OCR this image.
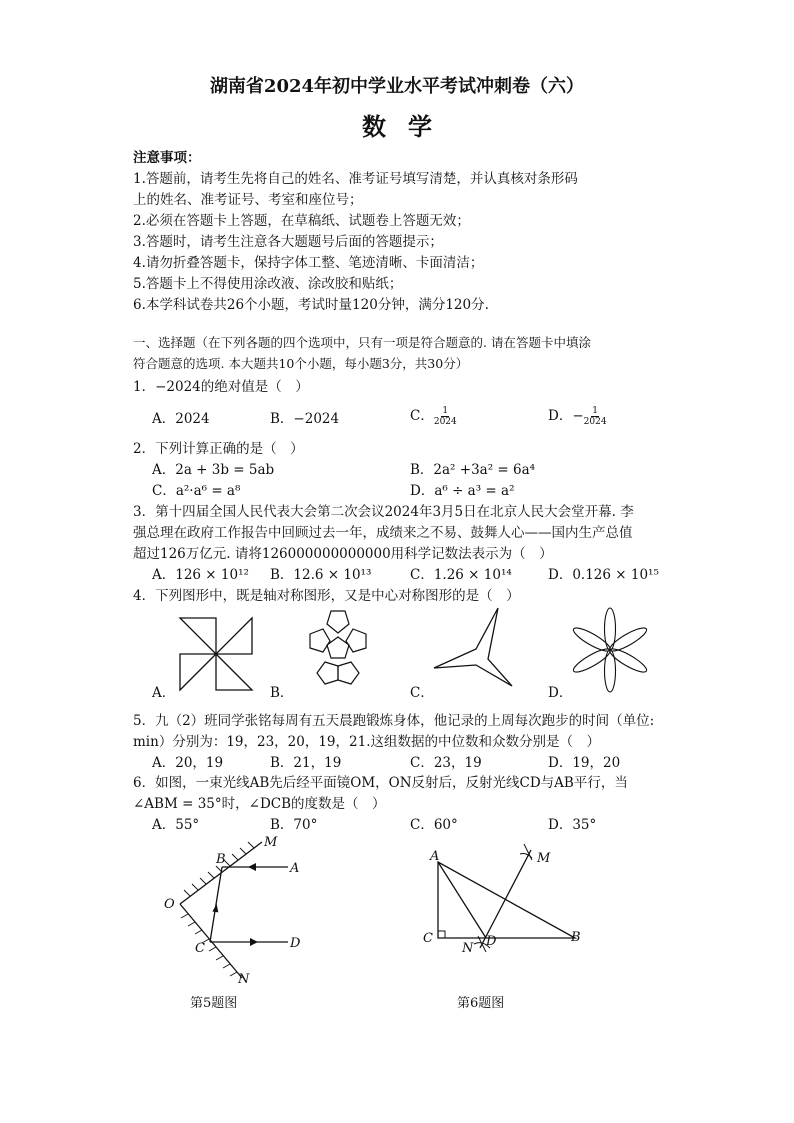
湖南省2024年初中学业水平考试冲刺卷（六）
数学
注意事项：
1.答题前，请考生先将自己的姓名、准考证号填写清楚，并认真核对条形码
上的姓名、准考证号、考室和座位号；
2.必须在答题卡上答题，在草稿纸、试题卷上答题无效；
3.答题时，请考生注意各大题题号后面的答题提示；
4.请勿折叠答题卡，保持字体工整、笔迹清晰、卡面清洁；
5.答题卡上不得使用涂改液、涂改胶和贴纸；
6.本学科试卷共26个小题，考试时量120分钟，满分120分.
一、选择题（在下列各题的四个选项中，只有一项是符合题意的. 请在答题卡中填涂
符合题意的选项. 本大题共10个小题，每小题3分，共30分）
1．−2024的绝对值是（　）
A．2024	B．−2024	C． $\frac{1}{2024}$	D．− $\frac{1}{2024}$
2．下列计算正确的是（　）
A．2a + 3b = 5ab	B．2a² +3a² = 6a⁴
C．a²·a⁶ = a⁸	D．a⁶ ÷ a³ = a²
3．第十四届全国人民代表大会第二次会议2024年3月5日在北京人民大会堂开幕. 李
强总理在政府工作报告中回顾过去一年，成绩来之不易、鼓舞人心——国内生产总值
超过126万亿元. 请将126000000000000用科学记数法表示为（　）
A．126 × 10¹² B．12.6 × 10¹³	C．1.26 × 10¹⁴	D．0.126 × 10¹⁵
4．下列图形中，既是轴对称图形，又是中心对称图形的是（　）
A．	B．	C．	D．
5．九（2）班同学张铭每周有五天晨跑锻炼身体，他记录的上周每次跑步的时间（单位:
min）分别为：19，23，20，19，21.这组数据的中位数和众数分别是（　）
A．20，19	B．21，19	C．23，19	D．19，20
6．如图，一束光线AB先后经平面镜OM，ON反射后，反射光线CD与AB平行，当
∠ABM = 35°时，∠DCB的度数是（　）
A．55°	B．70°	C．60°	D．35°
M
B
A
O
C	D
N
第5题图
A	M
C
N D	B
第6题图
